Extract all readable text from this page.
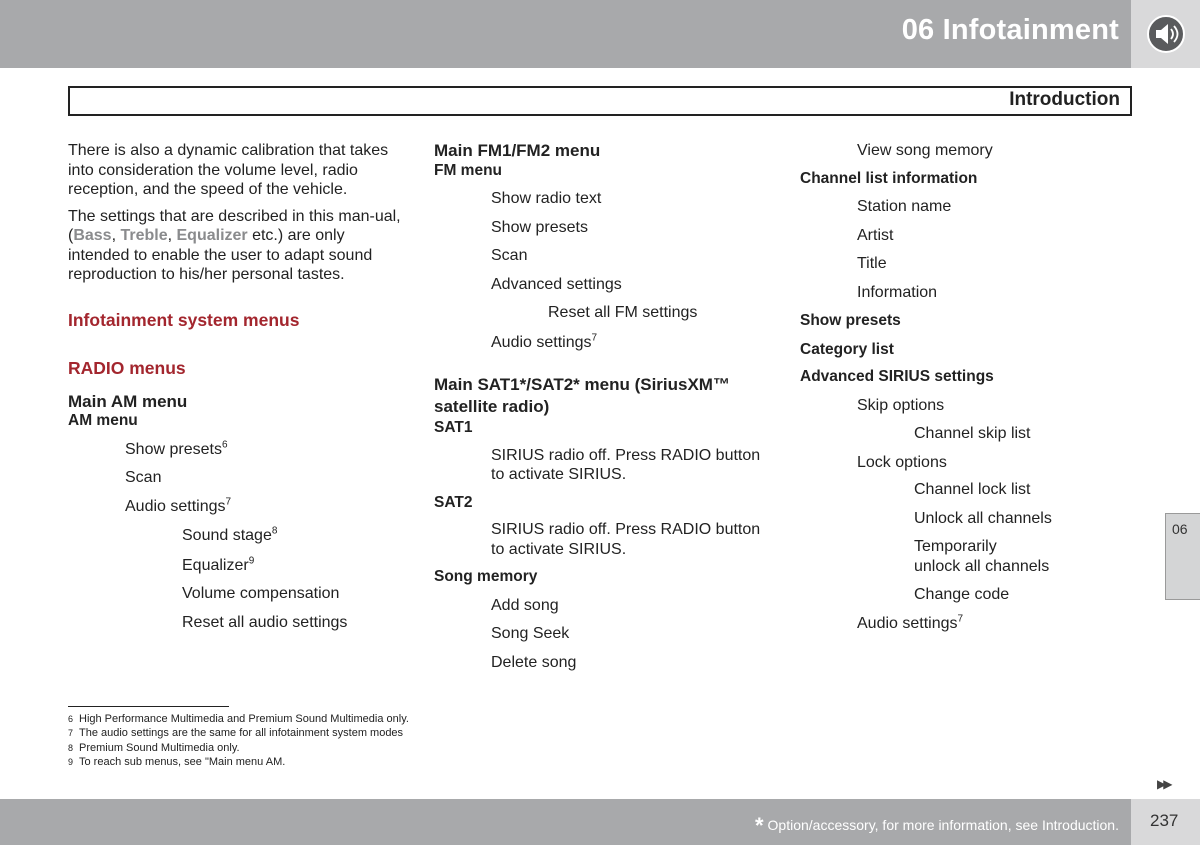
06 Infotainment
Introduction

There is also a dynamic calibration that takes into consideration the volume level, radio reception, and the speed of the vehicle.

The settings that are described in this man-ual, (Bass, Treble, Equalizer etc.) are only intended to enable the user to adapt sound reproduction to his/her personal tastes.

Infotainment system menus
RADIO menus
Main AM menu
AM menu
Show presets$^6$
Scan
Audio settings$^7$
Sound stage$^8$
Equalizer$^9$
Volume compensation
Reset all audio settings
Main FM1/FM2 menu
FM menu
Show radio text
Show presets
Scan
Advanced settings
Reset all FM settings
Audio settings$^7$
Main SAT1*/SAT2* menu (SiriusXM™ satellite radio)
SAT1
SIRIUS radio off. Press RADIO button to activate SIRIUS.
SAT2
SIRIUS radio off. Press RADIO button to activate SIRIUS.
Song memory
Add song
Song Seek
Delete song
View song memory
Channel list information
Station name
Artist
Title
Information
Show presets
Category list
Advanced SIRIUS settings
Skip options
Channel skip list
Lock options
Channel lock list
Unlock all channels
Temporarily
unlock all channels
Change code
Audio settings$^7$
6 High Performance Multimedia and Premium Sound Multimedia only.
7 The audio settings are the same for all infotainment system modes
8 Premium Sound Multimedia only.
9 To reach sub menus, see "Main menu AM.
06
▶▶
* Option/accessory, for more information, see Introduction. 237
